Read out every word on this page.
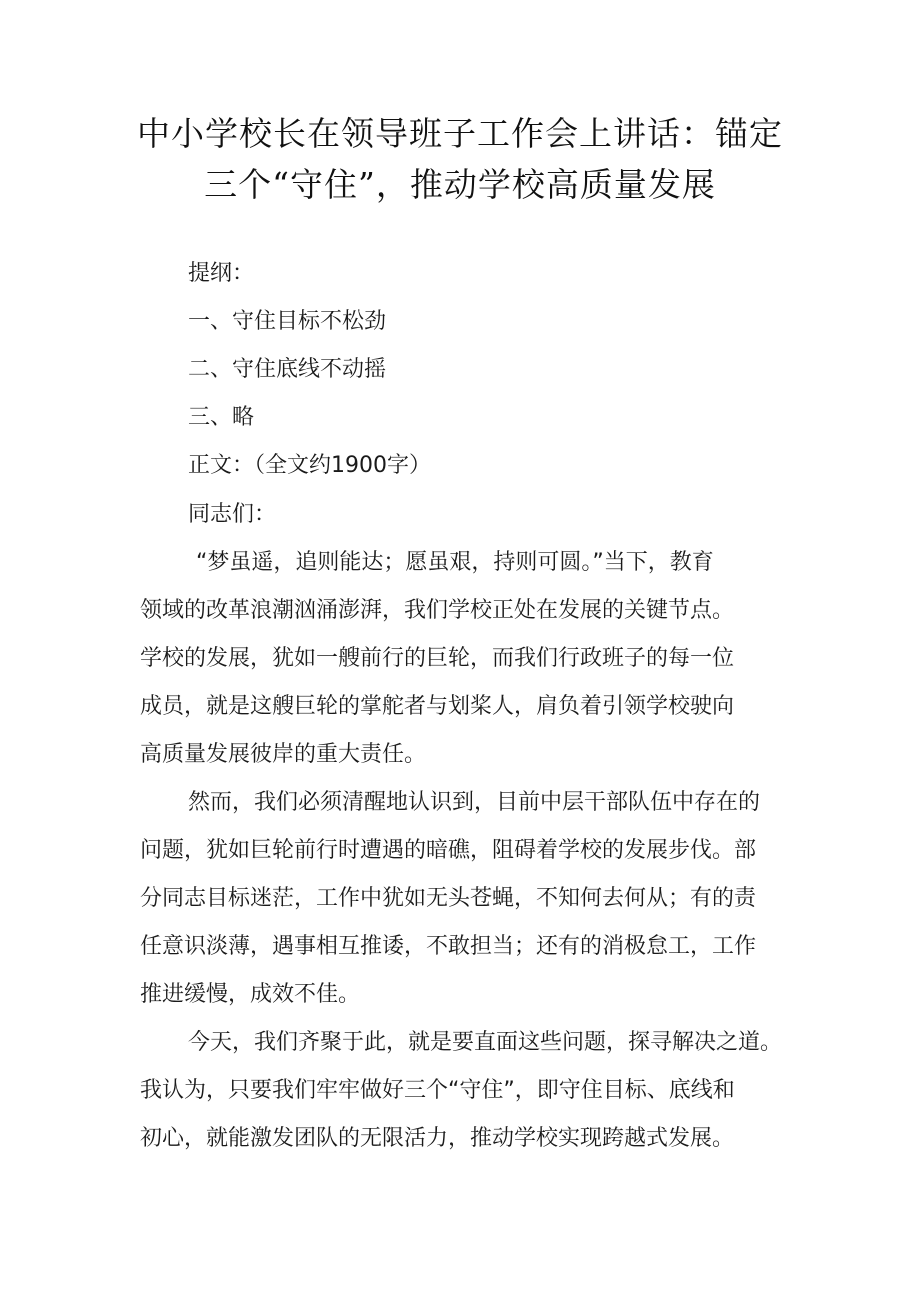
中小学校长在领导班子工作会上讲话：锚定
三个“守住”，推动学校高质量发展

提纲：

一、守住目标不松劲

二、守住底线不动摇

三、略

正文：（全文约1900字）

同志们：

“梦虽遥，追则能达；愿虽艰，持则可圆。”当下，教育

领域的改革浪潮汹涌澎湃，我们学校正处在发展的关键节点。

学校的发展，犹如一艘前行的巨轮，而我们行政班子的每一位

成员，就是这艘巨轮的掌舵者与划桨人，肩负着引领学校驶向

高质量发展彼岸的重大责任。

然而，我们必须清醒地认识到，目前中层干部队伍中存在的

问题，犹如巨轮前行时遭遇的暗礁，阻碍着学校的发展步伐。部

分同志目标迷茫，工作中犹如无头苍蝇，不知何去何从；有的责

任意识淡薄，遇事相互推诿，不敢担当；还有的消极怠工，工作

推进缓慢，成效不佳。

今天，我们齐聚于此，就是要直面这些问题，探寻解决之道。

我认为，只要我们牢牢做好三个“守住”，即守住目标、底线和

初心，就能激发团队的无限活力，推动学校实现跨越式发展。
